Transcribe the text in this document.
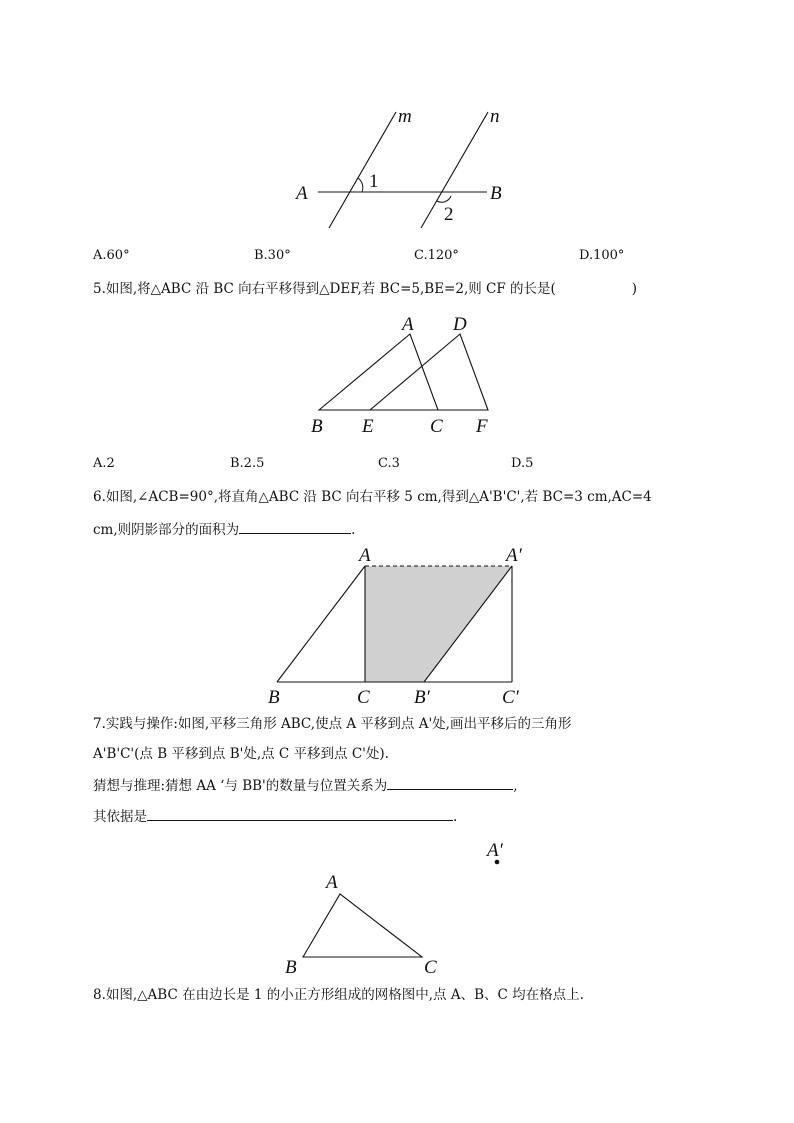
m	n
A	B
1
2
A.60°	B.30°	C.120°	D.100°
5.如图,将△ABC 沿 BC 向右平移得到△DEF,若 BC=5,BE=2,则 CF 的长是(	)
A D
B E	C F
A.2	B.2.5	C.3	D.5
6.如图,∠ACB=90°,将直角△ABC 沿 BC 向右平移 5 cm,得到△A'B'C',若 BC=3 cm,AC=4
cm,则阴影部分的面积为	.
A	A′
B	C B′	C′
7.实践与操作:如图,平移三角形 ABC,使点 A 平移到点 A'处,画出平移后的三角形
A'B'C'(点 B 平移到点 B'处,点 C 平移到点 C'处).
猜想与推理:猜想 AA ‘与 BB'的数量与位置关系为	,
其依据是	.
A′
A
B	C
8.如图,△ABC 在由边长是 1 的小正方形组成的网格图中,点 A、B、C 均在格点上.
